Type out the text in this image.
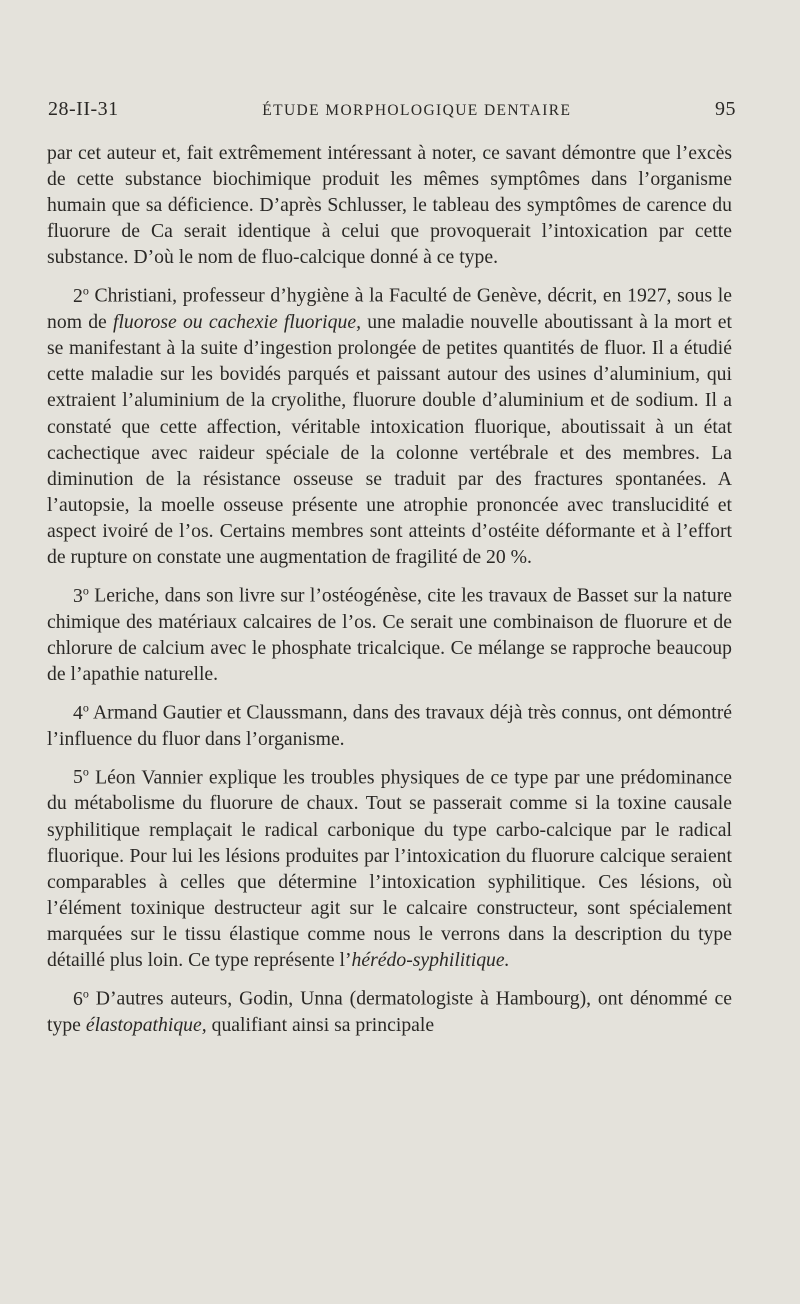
28-II-31	ÉTUDE MORPHOLOGIQUE DENTAIRE	95

par cet auteur et, fait extrêmement intéressant à noter, ce savant démontre que l’excès de cette substance biochimique produit les mêmes symptômes dans l’organisme humain que sa déficience. D’après Schlusser, le tableau des symptômes de carence du fluorure de Ca serait identique à celui que provoquerait l’intoxication par cette substance. D’où le nom de fluo-calcique donné à ce type.

2$^o$ Christiani, professeur d’hygiène à la Faculté de Genève, décrit, en 1927, sous le nom de fluorose ou cachexie fluorique, une maladie nouvelle aboutissant à la mort et se manifestant à la suite d’ingestion prolongée de petites quantités de fluor. Il a étudié cette maladie sur les bovidés parqués et paissant autour des usines d’aluminium, qui extraient l’aluminium de la cryolithe, fluorure double d’aluminium et de sodium. Il a constaté que cette affection, véritable intoxication fluorique, aboutissait à un état cachectique avec raideur spéciale de la colonne vertébrale et des membres. La diminution de la résistance osseuse se traduit par des fractures spontanées. A l’autopsie, la moelle osseuse présente une atrophie prononcée avec translucidité et aspect ivoiré de l’os. Certains membres sont atteints d’ostéite déformante et à l’effort de rupture on constate une augmentation de fragilité de 20 %.

3$^o$ Leriche, dans son livre sur l’ostéogénèse, cite les travaux de Basset sur la nature chimique des matériaux calcaires de l’os. Ce serait une combinaison de fluorure et de chlorure de calcium avec le phosphate tricalcique. Ce mélange se rapproche beaucoup de l’apathie naturelle.

4$^o$ Armand Gautier et Claussmann, dans des travaux déjà très connus, ont démontré l’influence du fluor dans l’organisme.

5$^o$ Léon Vannier explique les troubles physiques de ce type par une prédominance du métabolisme du fluorure de chaux. Tout se passerait comme si la toxine causale syphilitique remplaçait le radical carbonique du type carbo-calcique par le radical fluorique. Pour lui les lésions produites par l’intoxication du fluorure calcique seraient comparables à celles que détermine l’intoxication syphilitique. Ces lésions, où l’élément toxinique destructeur agit sur le calcaire constructeur, sont spécialement marquées sur le tissu élastique comme nous le verrons dans la description du type détaillé plus loin. Ce type représente l’hérédo-syphilitique.

6$^o$ D’autres auteurs, Godin, Unna (dermatologiste à Hambourg), ont dénommé ce type élastopathique, qualifiant ainsi sa principale
